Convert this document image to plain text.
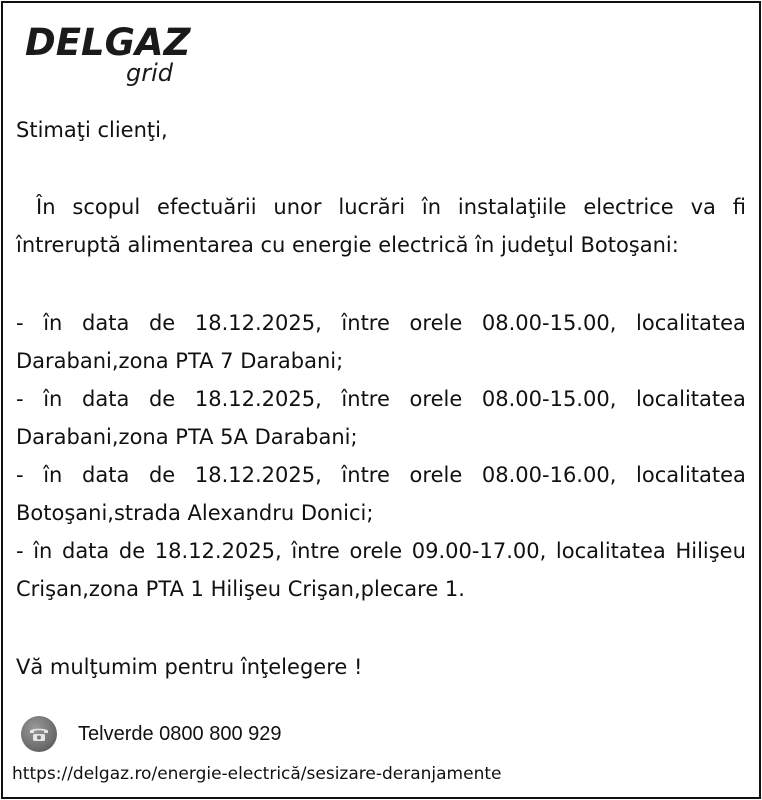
DELGAZ
grid
Stimaţi clienţi,
În scopul efectuării unor lucrări în instalaţiile electrice va fi
întreruptă alimentarea cu energie electrică în judeţul Botoşani:
- în data de 18.12.2025, între orele 08.00-15.00, localitatea
Darabani,zona PTA 7 Darabani;
- în data de 18.12.2025, între orele 08.00-15.00, localitatea
Darabani,zona PTA 5A Darabani;
- în data de 18.12.2025, între orele 08.00-16.00, localitatea
Botoşani,strada Alexandru Donici;
- în data de 18.12.2025, între orele 09.00-17.00, localitatea Hilişeu
Crişan,zona PTA 1 Hilişeu Crişan,plecare 1.
Vă mulţumim pentru înţelegere !
Telverde 0800 800 929
https://delgaz.ro/energie-electrică/sesizare-deranjamente
